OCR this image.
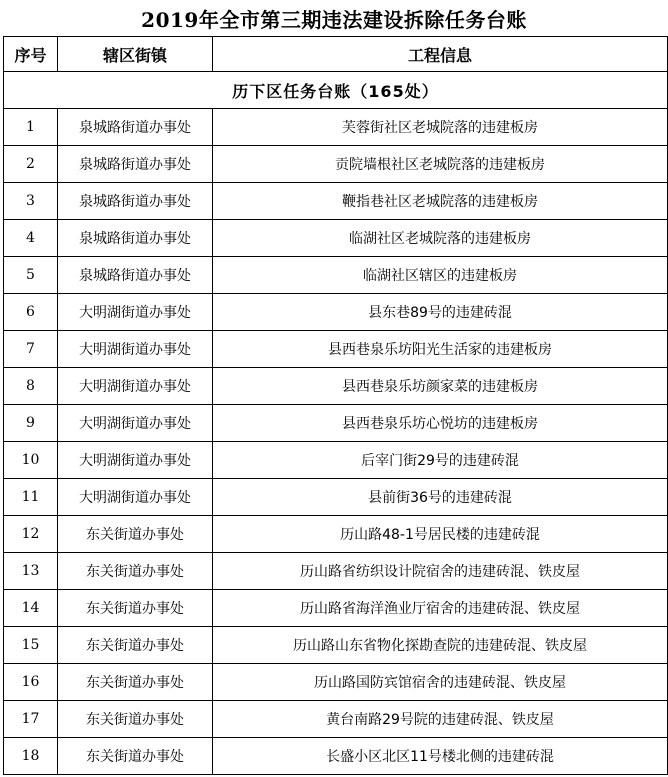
2019年全市第三期违法建设拆除任务台账
序号	辖区街镇	工程信息
历下区任务台账（165处）		
1	泉城路街道办事处	芙蓉街社区老城院落的违建板房
2	泉城路街道办事处	贡院墙根社区老城院落的违建板房
3	泉城路街道办事处	鞭指巷社区老城院落的违建板房
4	泉城路街道办事处	临湖社区老城院落的违建板房
5	泉城路街道办事处	临湖社区辖区的违建板房
6	大明湖街道办事处	县东巷89号的违建砖混
7	大明湖街道办事处	县西巷泉乐坊阳光生活家的违建板房
8	大明湖街道办事处	县西巷泉乐坊颜家菜的违建板房
9	大明湖街道办事处	县西巷泉乐坊心悦坊的违建板房
10	大明湖街道办事处	后宰门街29号的违建砖混
11	大明湖街道办事处	县前街36号的违建砖混
12	东关街道办事处	历山路48-1号居民楼的违建砖混
13	东关街道办事处	历山路省纺织设计院宿舍的违建砖混、铁皮屋
14	东关街道办事处	历山路省海洋渔业厅宿舍的违建砖混、铁皮屋
15	东关街道办事处	历山路山东省物化探勘查院的违建砖混、铁皮屋
16	东关街道办事处	历山路国防宾馆宿舍的违建砖混、铁皮屋
17	东关街道办事处	黄台南路29号院的违建砖混、铁皮屋
18	东关街道办事处	长盛小区北区11号楼北侧的违建砖混
